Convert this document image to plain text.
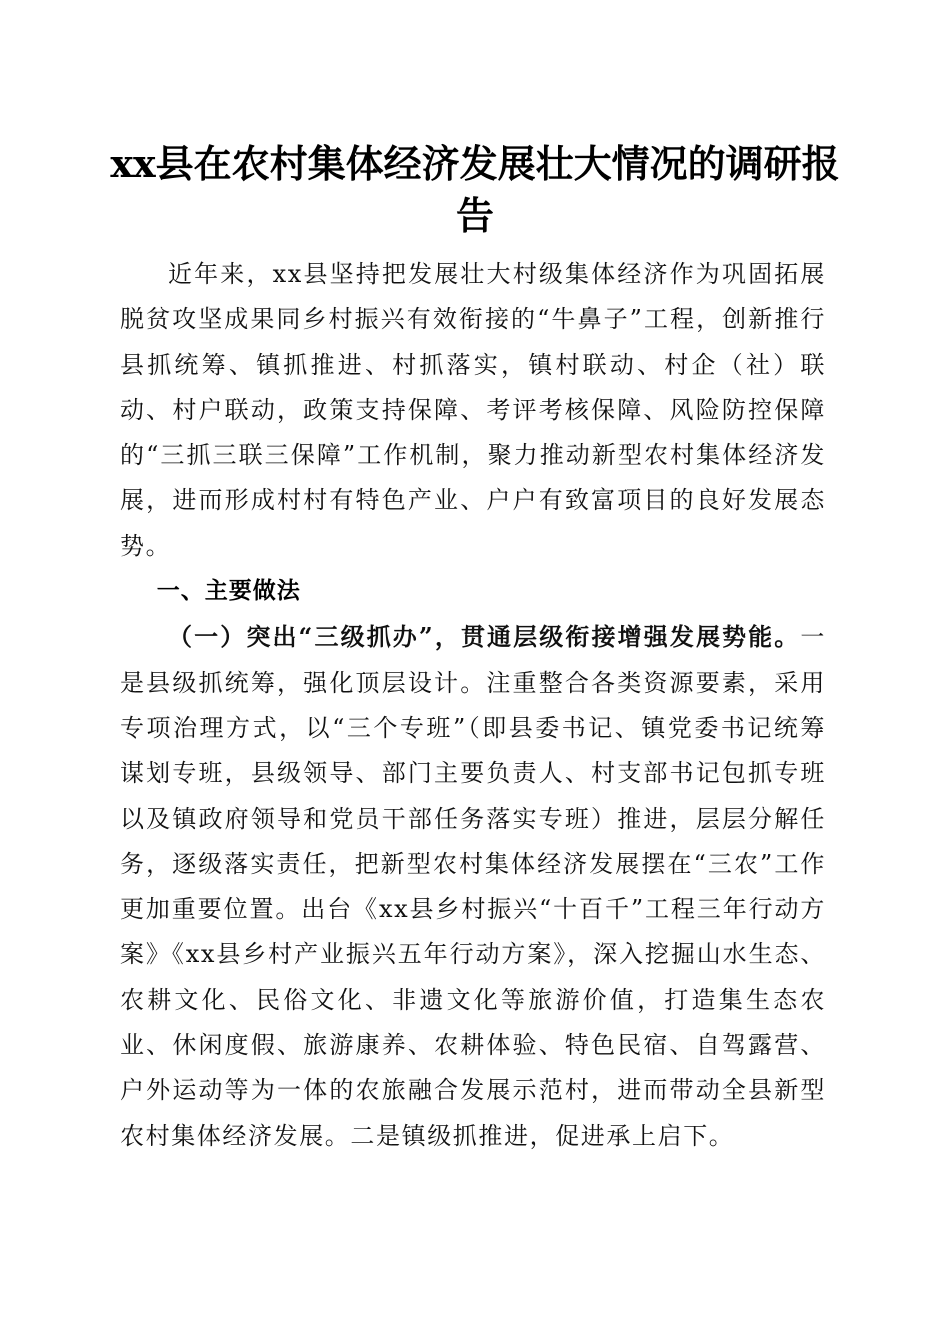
xx县在农村集体经济发展壮大情况的调研报告

近年来，xx县坚持把发展壮大村级集体经济作为巩固拓展脱贫攻坚成果同乡村振兴有效衔接的“牛鼻子”工程，创新推行县抓统筹、镇抓推进、村抓落实，镇村联动、村企（社）联动、村户联动，政策支持保障、考评考核保障、风险防控保障的“三抓三联三保障”工作机制，聚力推动新型农村集体经济发展，进而形成村村有特色产业、户户有致富项目的良好发展态势。

一、主要做法

（一）突出“三级抓办”，贯通层级衔接增强发展势能。一是县级抓统筹，强化顶层设计。注重整合各类资源要素，采用专项治理方式，以“三个专班”（即县委书记、镇党委书记统筹谋划专班，县级领导、部门主要负责人、村支部书记包抓专班以及镇政府领导和党员干部任务落实专班）推进，层层分解任务，逐级落实责任，把新型农村集体经济发展摆在“三农”工作更加重要位置。出台《xx县乡村振兴“十百千”工程三年行动方案》《xx县乡村产业振兴五年行动方案》，深入挖掘山水生态、农耕文化、民俗文化、非遗文化等旅游价值，打造集生态农业、休闲度假、旅游康养、农耕体验、特色民宿、自驾露营、户外运动等为一体的农旅融合发展示范村，进而带动全县新型农村集体经济发展。二是镇级抓推进，促进承上启下。
